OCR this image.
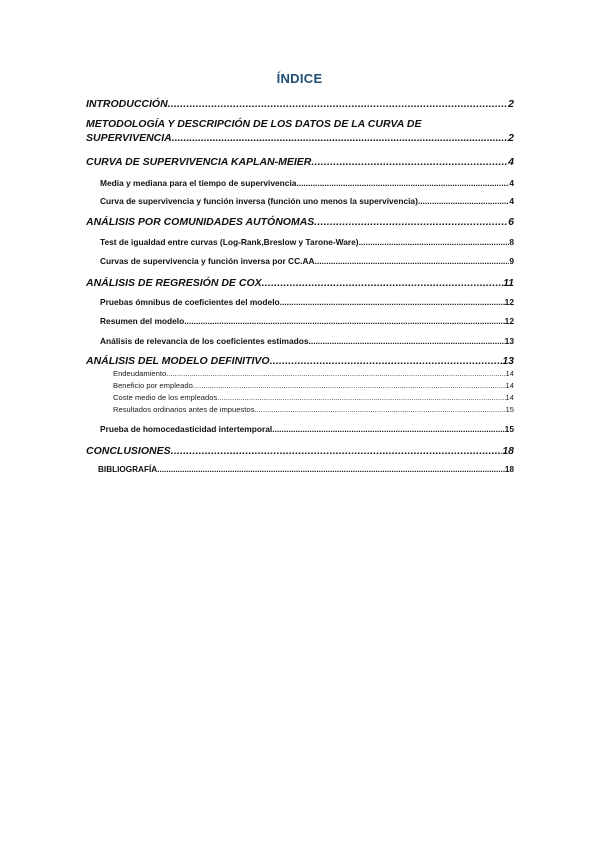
ÍNDICE
INTRODUCCIÓN .....	2
METODOLOGÍA Y DESCRIPCIÓN DE LOS DATOS DE LA CURVA DE
SUPERVIVENCIA .....	2
CURVA DE SUPERVIVENCIA KAPLAN-MEIER .....	4
Media y mediana para el tiempo de supervivencia .....	4
Curva de supervivencia y función inversa (función uno menos la supervivencia) .....	4
ANÁLISIS POR COMUNIDADES AUTÓNOMAS .....	6
Test de igualdad entre curvas (Log-Rank,Breslow y Tarone-Ware) .....	8
Curvas de supervivencia y función inversa por CC.AA .....	9
ANÁLISIS DE REGRESIÓN DE COX .....	11
Pruebas ómnibus de coeficientes del modelo .....	12
Resumen del modelo .....	12
Análisis de relevancia de los coeficientes estimados .....	13
ANÁLISIS DEL MODELO DEFINITIVO .....	13
Endeudamiento .....	14
Beneficio por empleado .....	14
Coste medio de los empleados .....	14
Resultados ordinarios antes de impuestos .....	15
Prueba de homocedasticidad intertemporal .....	15
CONCLUSIONES .....	18
BIBLIOGRAFÍA .....	18
